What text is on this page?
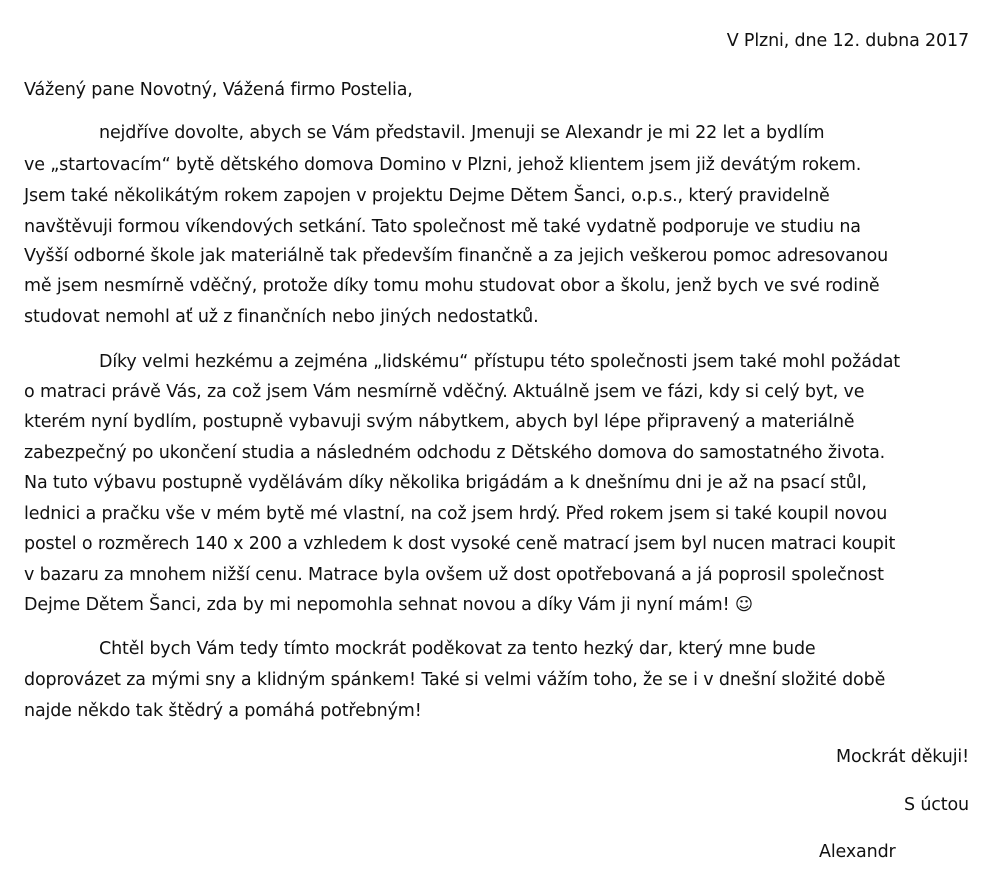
V Plzni, dne 12. dubna 2017
Vážený pane Novotný, Vážená firmo Postelia,
nejdříve dovolte, abych se Vám představil. Jmenuji se Alexandr je mi 22 let a bydlím
ve „startovacím“ bytě dětského domova Domino v Plzni, jehož klientem jsem již devátým rokem.
Jsem také několikátým rokem zapojen v projektu Dejme Dětem Šanci, o.p.s., který pravidelně
navštěvuji formou víkendových setkání. Tato společnost mě také vydatně podporuje ve studiu na
Vyšší odborné škole jak materiálně tak především finančně a za jejich veškerou pomoc adresovanou
mě jsem nesmírně vděčný, protože díky tomu mohu studovat obor a školu, jenž bych ve své rodině
studovat nemohl ať už z finančních nebo jiných nedostatků.
Díky velmi hezkému a zejména „lidskému“ přístupu této společnosti jsem také mohl požádat
o matraci právě Vás, za což jsem Vám nesmírně vděčný. Aktuálně jsem ve fázi, kdy si celý byt, ve
kterém nyní bydlím, postupně vybavuji svým nábytkem, abych byl lépe připravený a materiálně
zabezpečný po ukončení studia a následném odchodu z Dětského domova do samostatného života.
Na tuto výbavu postupně vydělávám díky několika brigádám a k dnešnímu dni je až na psací stůl,
lednici a pračku vše v mém bytě mé vlastní, na což jsem hrdý. Před rokem jsem si také koupil novou
postel o rozměrech 140 x 200 a vzhledem k dost vysoké ceně matrací jsem byl nucen matraci koupit
v bazaru za mnohem nižší cenu. Matrace byla ovšem už dost opotřebovaná a já poprosil společnost
Dejme Dětem Šanci, zda by mi nepomohla sehnat novou a díky Vám ji nyní mám! ☺
Chtěl bych Vám tedy tímto mockrát poděkovat za tento hezký dar, který mne bude
doprovázet za mými sny a klidným spánkem! Také si velmi vážím toho, že se i v dnešní složité době
najde někdo tak štědrý a pomáhá potřebným!
Mockrát děkuji!
S úctou
Alexandr
